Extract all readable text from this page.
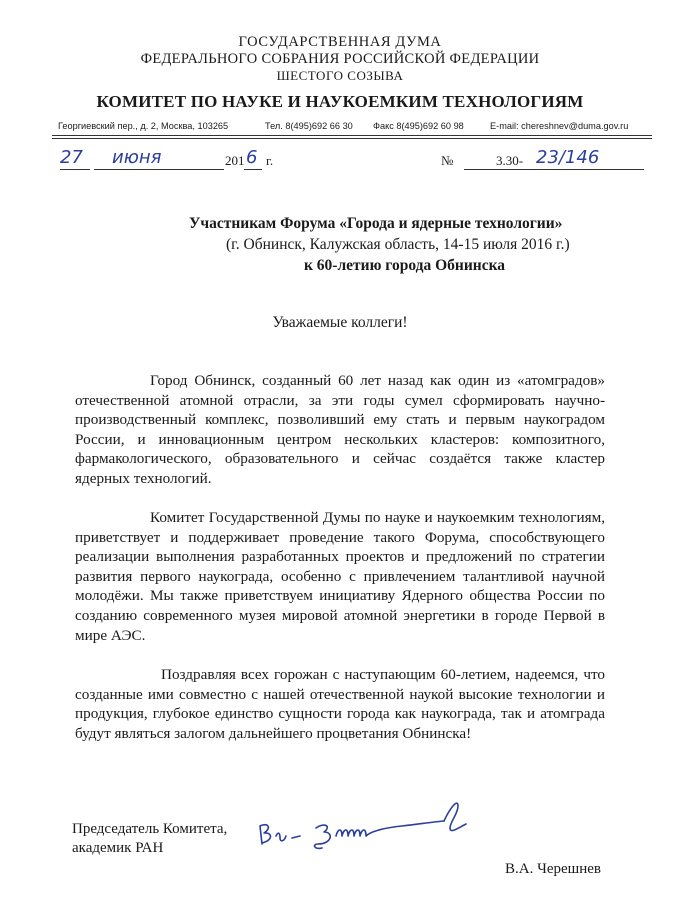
ГОСУДАРСТВЕННАЯ ДУМА
ФЕДЕРАЛЬНОГО СОБРАНИЯ РОССИЙСКОЙ ФЕДЕРАЦИИ
ШЕСТОГО СОЗЫВА
КОМИТЕТ ПО НАУКЕ И НАУКОЕМКИМ ТЕХНОЛОГИЯМ
Георгиевский пер., д. 2, Москва, 103265	Тел. 8(495)692 66 30 Факс 8(495)692 60 98	E-mail: chereshnev@duma.gov.ru
27 июня	201 6 г.	№	3.30- 23/146
Участникам Форума «Города и ядерные технологии»
(г. Обнинск, Калужская область, 14-15 июля 2016 г.)
к 60-летию города Обнинска
Уважаемые коллеги!

Город Обнинск, созданный 60 лет назад как один из «атомградов» отечественной атомной отрасли, за эти годы сумел сформировать научно-производственный комплекс, позволивший ему стать и первым наукоградом России, и инновационным центром нескольких кластеров: композитного, фармакологического, образовательного и сейчас создаётся также кластер ядерных технологий.

Комитет Государственной Думы по науке и наукоемким технологиям, приветствует и поддерживает проведение такого Форума, способствующего реализации выполнения разработанных проектов и предложений по стратегии развития первого наукограда, особенно с привлечением талантливой научной молодёжи. Мы также приветствуем инициативу Ядерного общества России по созданию современного музея мировой атомной энергетики в городе Первой в мире АЭС.

Поздравляя всех горожан с наступающим 60-летием, надеемся, что созданные ими совместно с нашей отечественной наукой высокие технологии и продукция, глубокое единство сущности города как наукограда, так и атомграда будут являться залогом дальнейшего процветания Обнинска!

Председатель Комитета,
академик РАН
В.А. Черешнев
